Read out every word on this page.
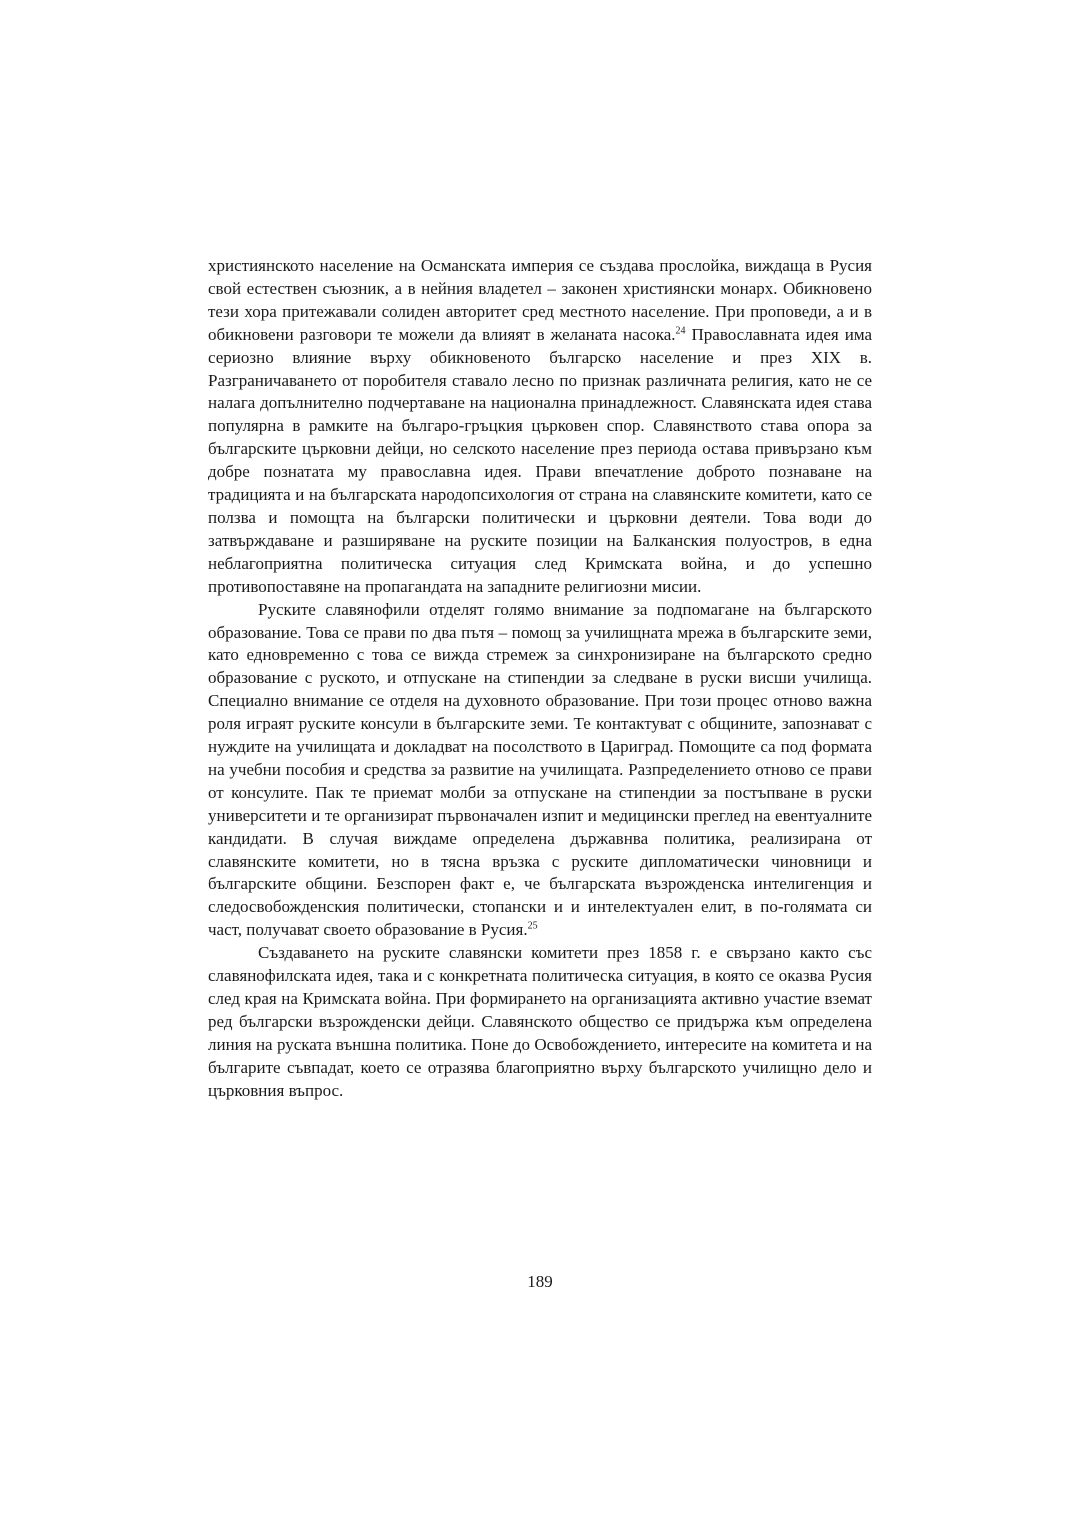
християнското население на Османската империя се създава прослойка, виждаща в Русия свой естествен съюзник, а в нейния владетел – законен християнски монарх. Обикновено тези хора притежавали солиден авторитет сред местното население. При проповеди, а и в обикновени разговори те можели да влияят в желаната насока.$^{24}$ Православната идея има сериозно влияние върху обикновеното българско население и през XIX в. Разграничаването от поробителя ставало лесно по признак различната религия, като не се налага допълнително подчертаване на национална принадлежност. Славянската идея става популярна в рамките на българо-гръцкия църковен спор. Славянството става опора за българските църковни дейци, но селското население през периода остава привързано към добре познатата му православна идея. Прави впечатление доброто познаване на традицията и на българската народопсихология от страна на славянските комитети, като се ползва и помощта на български политически и църковни деятели. Това води до затвърждаване и разширяване на руските позиции на Балканския полуостров, в една неблагоприятна политическа ситуация след Кримската война, и до успешно противопоставяне на пропагандата на западните религиозни мисии.

Руските славянофили отделят голямо внимание за подпомагане на българското образование. Това се прави по два пътя – помощ за училищната мрежа в българските земи, като едновременно с това се вижда стремеж за синхронизиране на българското средно образование с руското, и отпускане на стипендии за следване в руски висши училища. Специално внимание се отделя на духовното образование. При този процес отново важна роля играят руските консули в българските земи. Те контактуват с общините, запознават с нуждите на училищата и докладват на посолството в Цариград. Помощите са под формата на учебни пособия и средства за развитие на училищата. Разпределението отново се прави от консулите. Пак те приемат молби за отпускане на стипендии за постъпване в руски университети и те организират първоначален изпит и медицински преглед на евентуалните кандидати. В случая виждаме определена държавнва политика, реализирана от славянските комитети, но в тясна връзка с руските дипломатически чиновници и българските общини. Безспорен факт е, че българската възрожденска интелигенция и следосвобожденския политически, стопански и и интелектуален елит, в по-голямата си част, получават своето образование в Русия.$^{25}$

Създаването на руските славянски комитети през 1858 г. е свързано както със славянофилската идея, така и с конкретната политическа ситуация, в която се оказва Русия след края на Кримската война. При формирането на организацията активно участие вземат ред български възрожденски дейци. Славянското общество се придържа към определена линия на руската външна политика. Поне до Освобождението, интересите на комитета и на българите съвпадат, което се отразява благоприятно върху българското училищно дело и църковния въпрос.

189
